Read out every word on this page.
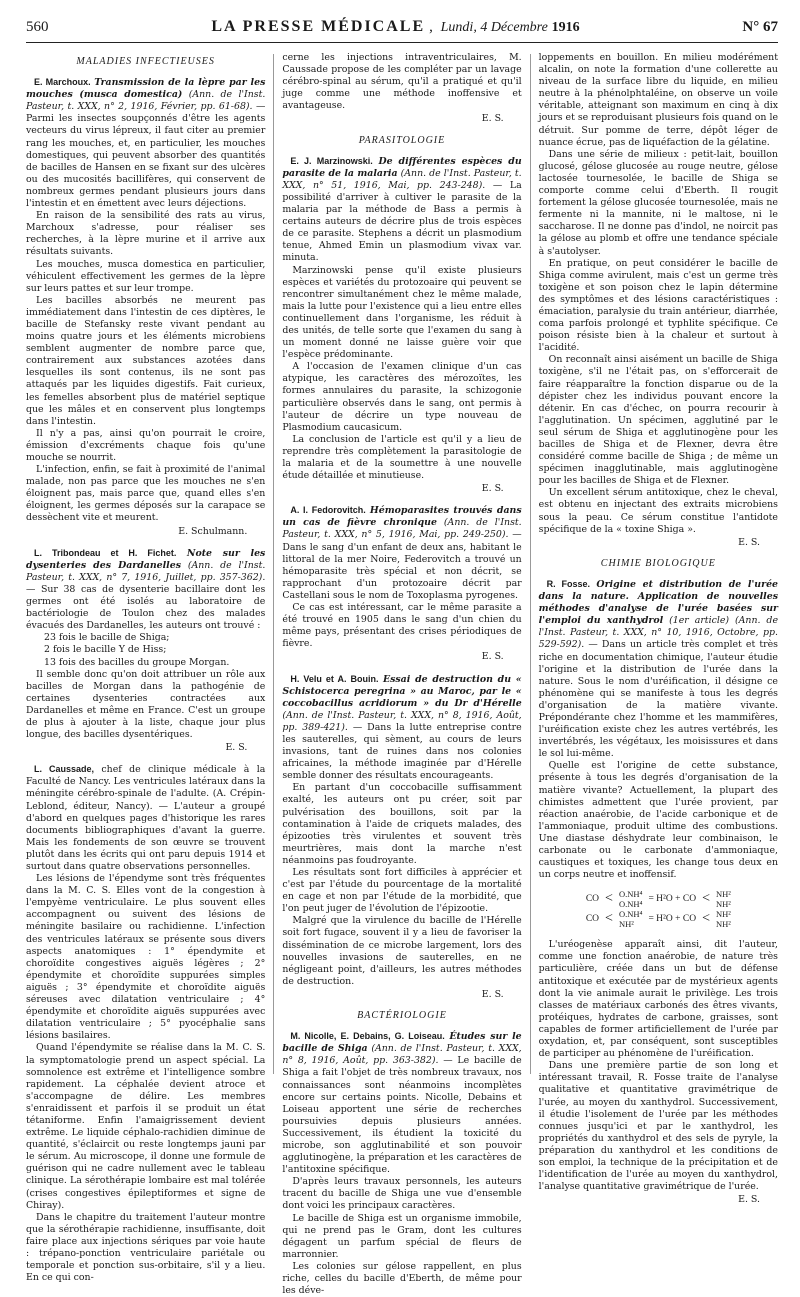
560	LA PRESSE MÉDICALE , Lundi, 4 Décembre 1916	N° 67
MALADIES INFECTIEUSES

E. Marchoux. Transmission de la lèpre par les mouches (musca domestica) (Ann. de l'Inst. Pasteur, t. XXX, n° 2, 1916, Février, pp. 61-68). — Parmi les insectes soupçonnés d'être les agents vecteurs du virus lépreux, il faut citer au premier rang les mouches, et, en particulier, les mouches domestiques, qui peuvent absorber des quantités de bacilles de Hansen en se fixant sur des ulcères ou des mucosités bacillifères, qui conservent de nombreux germes pendant plusieurs jours dans l'intestin et en émettent avec leurs déjections.

En raison de la sensibilité des rats au virus, Marchoux s'adresse, pour réaliser ses recherches, à la lèpre murine et il arrive aux résultats suivants.

Les mouches, musca domestica en particulier, véhiculent effectivement les germes de la lèpre sur leurs pattes et sur leur trompe.

Les bacilles absorbés ne meurent pas immédiatement dans l'intestin de ces diptères, le bacille de Stefansky reste vivant pendant au moins quatre jours et les éléments microbiens semblent augmenter de nombre parce que, contrairement aux substances azotées dans lesquelles ils sont contenus, ils ne sont pas attaqués par les liquides digestifs. Fait curieux, les femelles absorbent plus de matériel septique que les mâles et en conservent plus longtemps dans l'intestin.

Il n'y a pas, ainsi qu'on pourrait le croire, émission d'excréments chaque fois qu'une mouche se nourrit.

L'infection, enfin, se fait à proximité de l'animal malade, non pas parce que les mouches ne s'en éloignent pas, mais parce que, quand elles s'en éloignent, les germes déposés sur la carapace se dessèchent vite et meurent.

E. Schulmann.

L. Tribondeau et H. Fichet. Note sur les dysenteries des Dardanelles (Ann. de l'Inst. Pasteur, t. XXX, n° 7, 1916, Juillet, pp. 357-362). — Sur 38 cas de dysenterie bacillaire dont les germes ont été isolés au laboratoire de bactériologie de Toulon chez des malades évacués des Dardanelles, les auteurs ont trouvé :

23 fois le bacille de Shiga;
2 fois le bacille Y de Hiss;
13 fois des bacilles du groupe Morgan.

Il semble donc qu'on doit attribuer un rôle aux bacilles de Morgan dans la pathogénie de certaines dysenteries contractées aux Dardanelles et même en France. C'est un groupe de plus à ajouter à la liste, chaque jour plus longue, des bacilles dysentériques.

E. S.

L. Caussade, chef de clinique médicale à la Faculté de Nancy. Les ventricules latéraux dans la méningite cérébro-spinale de l'adulte. (A. Crépin-Leblond, éditeur, Nancy). — L'auteur a groupé d'abord en quelques pages d'historique les rares documents bibliographiques d'avant la guerre. Mais les fondements de son œuvre se trouvent plutôt dans les écrits qui ont paru depuis 1914 et surtout dans quatre observations personnelles.

Les lésions de l'épendyme sont très fréquentes dans la M. C. S. Elles vont de la congestion à l'empyème ventriculaire. Le plus souvent elles accompagnent ou suivent des lésions de méningite basilaire ou rachidienne. L'infection des ventricules latéraux se présente sous divers aspects anatomiques : 1° épendymite et choroïdite congestives aiguës légères ; 2° épendymite et choroïdite suppurées simples aiguës ; 3° épendymite et choroïdite aiguës séreuses avec dilatation ventriculaire ; 4° épendymite et choroïdite aiguës suppurées avec dilatation ventriculaire ; 5° pyocéphalie sans lésions basilaires.

Quand l'épendymite se réalise dans la M. C. S. la symptomatologie prend un aspect spécial. La somnolence est extrême et l'intelligence sombre rapidement. La céphalée devient atroce et s'accompagne de délire. Les membres s'enraidissent et parfois il se produit un état tétaniforme. Enfin l'amaigrissement devient extrême. Le liquide céphalo-rachidien diminue de quantité, s'éclaircit ou reste longtemps jauni par le sérum. Au microscope, il donne une formule de guérison qui ne cadre nullement avec le tableau clinique. La sérothérapie lombaire est mal tolérée (crises congestives épileptiformes et signe de Chiray).

Dans le chapitre du traitement l'auteur montre que la sérothérapie rachidienne, insuffisante, doit faire place aux injections sériques par voie haute : trépano-ponction ventriculaire pariétale ou temporale et ponction sus-orbitaire, s'il y a lieu. En ce qui con-

cerne les injections intraventriculaires, M. Caussade propose de les compléter par un lavage cérébro-spinal au sérum, qu'il a pratiqué et qu'il juge comme une méthode inoffensive et avantageuse.

E. S.
PARASITOLOGIE

E. J. Marzinowski. De différentes espèces du parasite de la malaria (Ann. de l'Inst. Pasteur, t. XXX, n° 51, 1916, Mai, pp. 243-248). — La possibilité d'arriver à cultiver le parasite de la malaria par la méthode de Bass a permis à certains auteurs de décrire plus de trois espèces de ce parasite. Stephens a décrit un plasmodium tenue, Ahmed Emin un plasmodium vivax var. minuta.

Marzinowski pense qu'il existe plusieurs espèces et variétés du protozoaire qui peuvent se rencontrer simultanément chez le même malade, mais la lutte pour l'existence qui a lieu entre elles continuellement dans l'organisme, les réduit à des unités, de telle sorte que l'examen du sang à un moment donné ne laisse guère voir que l'espèce prédominante.

A l'occasion de l'examen clinique d'un cas atypique, les caractères des mérozoïtes, les formes annulaires du parasite, la schizogonie particulière observés dans le sang, ont permis à l'auteur de décrire un type nouveau de Plasmodium caucasicum.

La conclusion de l'article est qu'il y a lieu de reprendre très complètement la parasitologie de la malaria et de la soumettre à une nouvelle étude détaillée et minutieuse.

E. S.

A. I. Fedorovitch. Hémoparasites trouvés dans un cas de fièvre chronique (Ann. de l'Inst. Pasteur, t. XXX, n° 5, 1916, Mai, pp. 249-250). — Dans le sang d'un enfant de deux ans, habitant le littoral de la mer Noire, Federovitch a trouvé un hémoparasite très spécial et non décrit, se rapprochant d'un protozoaire décrit par Castellani sous le nom de Toxoplasma pyrogenes.

Ce cas est intéressant, car le même parasite a été trouvé en 1905 dans le sang d'un chien du même pays, présentant des crises périodiques de fièvre.

E. S.

H. Velu et A. Bouin. Essai de destruction du « Schistocerca peregrina » au Maroc, par le « coccobacillus acridiorum » du Dr d'Hérelle (Ann. de l'Inst. Pasteur, t. XXX, n° 8, 1916, Août, pp. 389-421). — Dans la lutte entreprise contre les sauterelles, qui sèment, au cours de leurs invasions, tant de ruines dans nos colonies africaines, la méthode imaginée par d'Hérelle semble donner des résultats encourageants.

En partant d'un coccobacille suffisamment exalté, les auteurs ont pu créer, soit par pulvérisation des bouillons, soit par la contamination à l'aide de criquets malades, des épizooties très virulentes et souvent très meurtrières, mais dont la marche n'est néanmoins pas foudroyante.

Les résultats sont fort difficiles à apprécier et c'est par l'étude du pourcentage de la mortalité en cage et non par l'étude de la morbidité, que l'on peut juger de l'évolution de l'épizootie.

Malgré que la virulence du bacille de l'Hérelle soit fort fugace, souvent il y a lieu de favoriser la dissémination de ce microbe largement, lors des nouvelles invasions de sauterelles, en ne négligeant point, d'ailleurs, les autres méthodes de destruction.

E. S.
BACTÉRIOLOGIE

M. Nicolle, E. Debains, G. Loiseau. Études sur le bacille de Shiga (Ann. de l'Inst. Pasteur, t. XXX, n° 8, 1916, Août, pp. 363-382). — Le bacille de Shiga a fait l'objet de très nombreux travaux, nos connaissances sont néanmoins incomplètes encore sur certains points. Nicolle, Debains et Loiseau apportent une série de recherches poursuivies depuis plusieurs années. Successivement, ils étudient la toxicité du microbe, son agglutinabilité et son pouvoir agglutinogène, la préparation et les caractères de l'antitoxine spécifique.

D'après leurs travaux personnels, les auteurs tracent du bacille de Shiga une vue d'ensemble dont voici les principaux caractères.

Le bacille de Shiga est un organisme immobile, qui ne prend pas le Gram, dont les cultures dégagent un parfum spécial de fleurs de marronnier.

Les colonies sur gélose rappellent, en plus riche, celles du bacille d'Eberth, de même pour les déve-

loppements en bouillon. En milieu modérément alcalin, on note la formation d'une collerette au niveau de la surface libre du liquide, en milieu neutre à la phénolphtaléine, on observe un voile véritable, atteignant son maximum en cinq à dix jours et se reproduisant plusieurs fois quand on le détruit. Sur pomme de terre, dépôt léger de nuance écrue, pas de liquéfaction de la gélatine.

Dans une série de milieux : petit-lait, bouillon glucosé, gélose glucosée au rouge neutre, gélose lactosée tournesolée, le bacille de Shiga se comporte comme celui d'Eberth. Il rougit fortement la gélose glucosée tournesolée, mais ne fermente ni la mannite, ni le maltose, ni le saccharose. Il ne donne pas d'indol, ne noircit pas la gélose au plomb et offre une tendance spéciale à s'autolyser.

En pratique, on peut considérer le bacille de Shiga comme avirulent, mais c'est un germe très toxigène et son poison chez le lapin détermine des symptômes et des lésions caractéristiques : émaciation, paralysie du train antérieur, diarrhée, coma parfois prolongé et typhlite spécifique. Ce poison résiste bien à la chaleur et surtout à l'acidité.

On reconnaît ainsi aisément un bacille de Shiga toxigène, s'il ne l'était pas, on s'efforcerait de faire réapparaître la fonction disparue ou de la dépister chez les individus pouvant encore la détenir. En cas d'échec, on pourra recourir à l'agglutination. Un spécimen, agglutiné par le seul sérum de Shiga et agglutinogène pour les bacilles de Shiga et de Flexner, devra être considéré comme bacille de Shiga ; de même un spécimen inagglutinable, mais agglutinogène pour les bacilles de Shiga et de Flexner.

Un excellent sérum antitoxique, chez le cheval, est obtenu en injectant des extraits microbiens sous la peau. Ce sérum constitue l'antidote spécifique de la « toxine Shiga ».

E. S.
CHIMIE BIOLOGIQUE

R. Fosse. Origine et distribution de l'urée dans la nature. Application de nouvelles méthodes d'analyse de l'urée basées sur l'emploi du xanthydrol (1er article) (Ann. de l'Inst. Pasteur, t. XXX, n° 10, 1916, Octobre, pp. 529-592). — Dans un article très complet et très riche en documentation chimique, l'auteur étudie l'origine et la distribution de l'urée dans la nature. Sous le nom d'uréification, il désigne ce phénomène qui se manifeste à tous les degrés d'organisation de la matière vivante. Prépondérante chez l'homme et les mammifères, l'uréification existe chez les autres vertébrés, les invertébrés, les végétaux, les moisissures et dans le sol lui-même.

Quelle est l'origine de cette substance, présente à tous les degrés d'organisation de la matière vivante? Actuellement, la plupart des chimistes admettent que l'urée provient, par réaction anaérobie, de l'acide carbonique et de l'ammoniaque, produit ultime des combustions. Une diastase déshydrate leur combinaison, le carbonate ou le carbonate d'ammoniaque, caustiques et toxiques, les change tous deux en un corps neutre et inoffensif.

CO < O.NH⁴
O.NH⁴ = H²O + CO < NH²
NH²
CO < O.NH⁴
NH²	= H²O + CO < NH²
NH²

L'uréogenèse apparaît ainsi, dit l'auteur, comme une fonction anaérobie, de nature très particulière, créée dans un but de défense antitoxique et exécutée par de mystérieux agents dont la vie animale aurait le privilège. Les trois classes de matériaux carbonés des êtres vivants, protéiques, hydrates de carbone, graisses, sont capables de former artificiellement de l'urée par oxydation, et, par conséquent, sont susceptibles de participer au phénomène de l'uréification.

Dans une première partie de son long et intéressant travail, R. Fosse traite de l'analyse qualitative et quantitative gravimétrique de l'urée, au moyen du xanthydrol. Successivement, il étudie l'isolement de l'urée par les méthodes connues jusqu'ici et par le xanthydrol, les propriétés du xanthydrol et des sels de pyryle, la préparation du xanthydrol et les conditions de son emploi, la technique de la précipitation et de l'identification de l'urée au moyen du xanthydrol, l'analyse quantitative gravimétrique de l'urée.

E. S.
